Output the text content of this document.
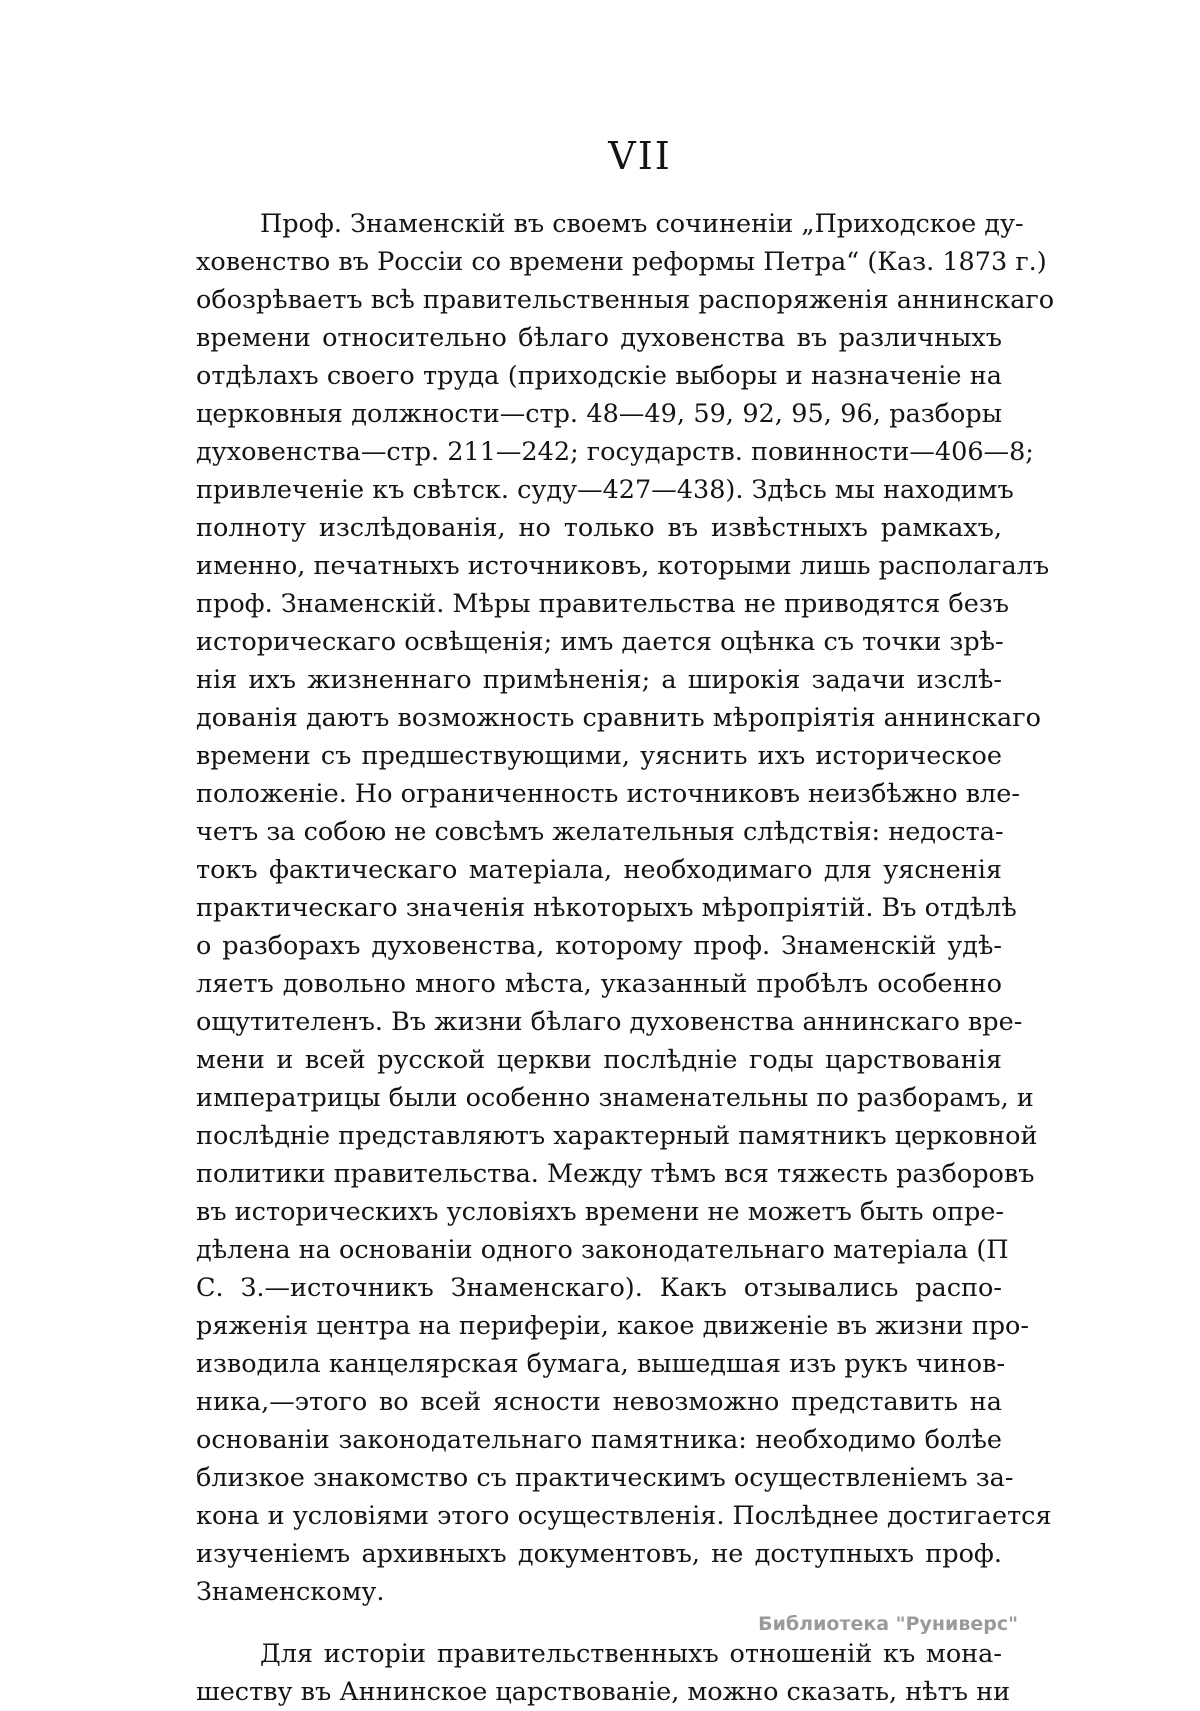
VII
Проф. Знаменскій въ своемъ сочиненіи „Приходское ду-
ховенство въ Россіи со времени реформы Петра“ (Каз. 1873 г.)
обозрѣваетъ всѣ правительственныя распоряженія аннинскаго
времени относительно бѣлаго духовенства въ различныхъ
отдѣлахъ своего труда (приходскіе выборы и назначеніе на
церковныя должности—стр. 48—49, 59, 92, 95, 96, разборы
духовенства—стр. 211—242; государств. повинности—406—8;
привлеченіе къ свѣтск. суду—427—438). Здѣсь мы находимъ
полноту изслѣдованія, но только въ извѣстныхъ рамкахъ,
именно, печатныхъ источниковъ, которыми лишь располагалъ
проф. Знаменскій. Мѣры правительства не приводятся безъ
историческаго освѣщенія; имъ дается оцѣнка съ точки зрѣ-
нія ихъ жизненнаго примѣненія; а широкія задачи изслѣ-
дованія даютъ возможность сравнить мѣропріятія аннинскаго
времени съ предшествующими, уяснить ихъ историческое
положеніе. Но ограниченность источниковъ неизбѣжно вле-
четъ за собою не совсѣмъ желательныя слѣдствія: недоста-
токъ фактическаго матеріала, необходимаго для уясненія
практическаго значенія нѣкоторыхъ мѣропріятій. Въ отдѣлѣ
о разборахъ духовенства, которому проф. Знаменскій удѣ-
ляетъ довольно много мѣста, указанный пробѣлъ особенно
ощутителенъ. Въ жизни бѣлаго духовенства аннинскаго вре-
мени и всей русской церкви послѣдніе годы царствованія
императрицы были особенно знаменательны по разборамъ, и
послѣдніе представляютъ характерный памятникъ церковной
политики правительства. Между тѣмъ вся тяжесть разборовъ
въ историческихъ условіяхъ времени не можетъ быть опре-
дѣлена на основаніи одного законодательнаго матеріала (П
С. З.—источникъ Знаменскаго). Какъ отзывались распо-
ряженія центра на периферіи, какое движеніе въ жизни про-
изводила канцелярская бумага, вышедшая изъ рукъ чинов-
ника,—этого во всей ясности невозможно представить на
основаніи законодательнаго памятника: необходимо болѣе
близкое знакомство съ практическимъ осуществленіемъ за-
кона и условіями этого осуществленія. Послѣднее достигается
изученіемъ архивныхъ документовъ, не доступныхъ проф.
Знаменскому.
Для исторіи правительственныхъ отношеній къ мона-
шеству въ Аннинское царствованіе, можно сказать, нѣтъ ни
Библиотека "Руниверс"
